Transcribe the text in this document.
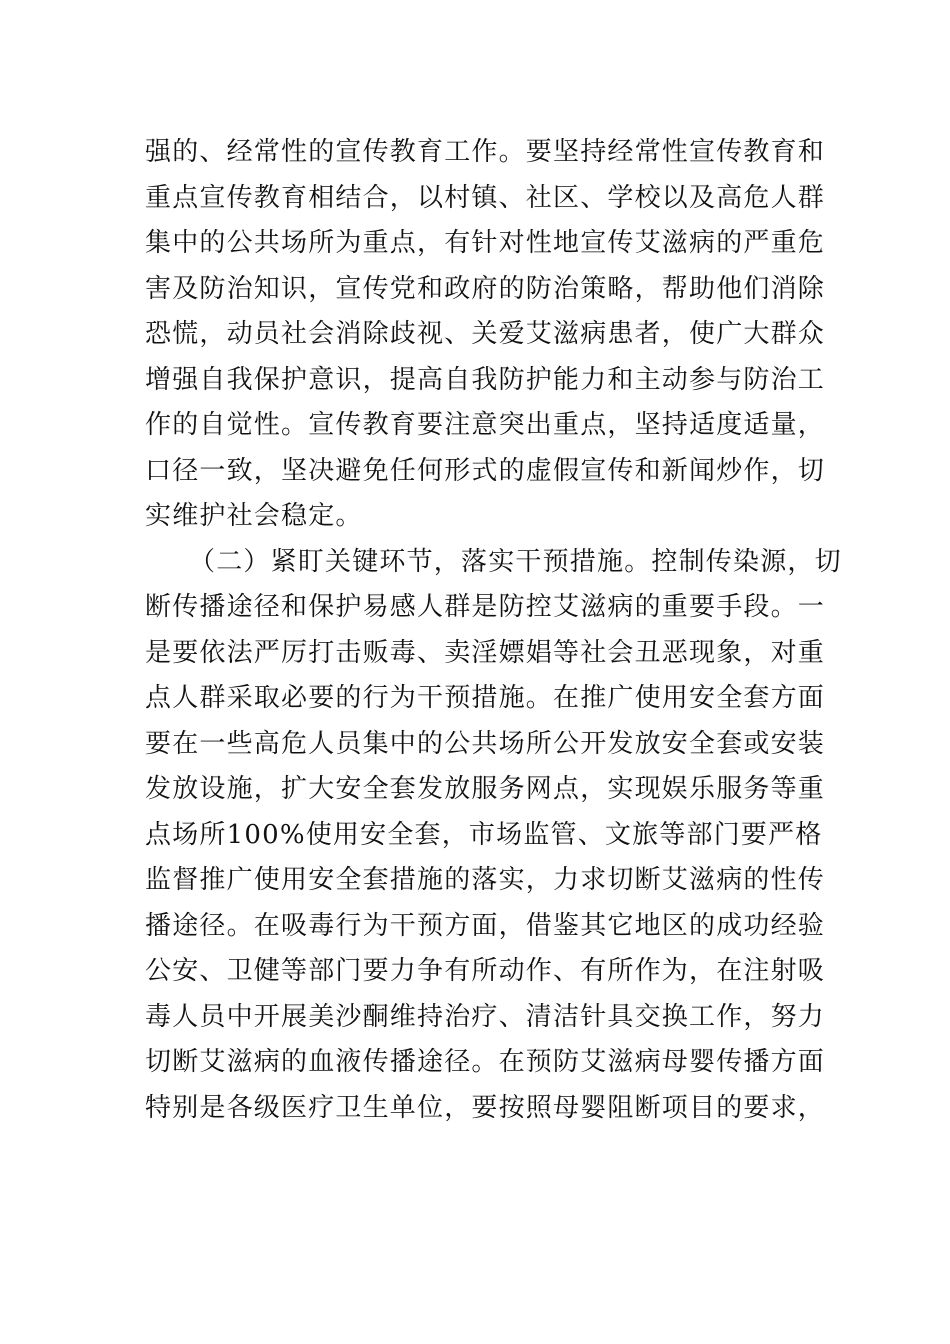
强的、经常性的宣传教育工作。要坚持经常性宣传教育和
重点宣传教育相结合，以村镇、社区、学校以及高危人群
集中的公共场所为重点，有针对性地宣传艾滋病的严重危
害及防治知识，宣传党和政府的防治策略，帮助他们消除
恐慌，动员社会消除歧视、关爱艾滋病患者，使广大群众
增强自我保护意识，提高自我防护能力和主动参与防治工
作的自觉性。宣传教育要注意突出重点，坚持适度适量，
口径一致，坚决避免任何形式的虚假宣传和新闻炒作，切
实维护社会稳定。
（二）紧盯关键环节，落实干预措施。控制传染源，切
断传播途径和保护易感人群是防控艾滋病的重要手段。一
是要依法严厉打击贩毒、卖淫嫖娼等社会丑恶现象，对重
点人群采取必要的行为干预措施。在推广使用安全套方面
要在一些高危人员集中的公共场所公开发放安全套或安装
发放设施，扩大安全套发放服务网点，实现娱乐服务等重
点场所100%使用安全套，市场监管、文旅等部门要严格
监督推广使用安全套措施的落实，力求切断艾滋病的性传
播途径。在吸毒行为干预方面，借鉴其它地区的成功经验
公安、卫健等部门要力争有所动作、有所作为，在注射吸
毒人员中开展美沙酮维持治疗、清洁针具交换工作，努力
切断艾滋病的血液传播途径。在预防艾滋病母婴传播方面
特别是各级医疗卫生单位，要按照母婴阻断项目的要求，
